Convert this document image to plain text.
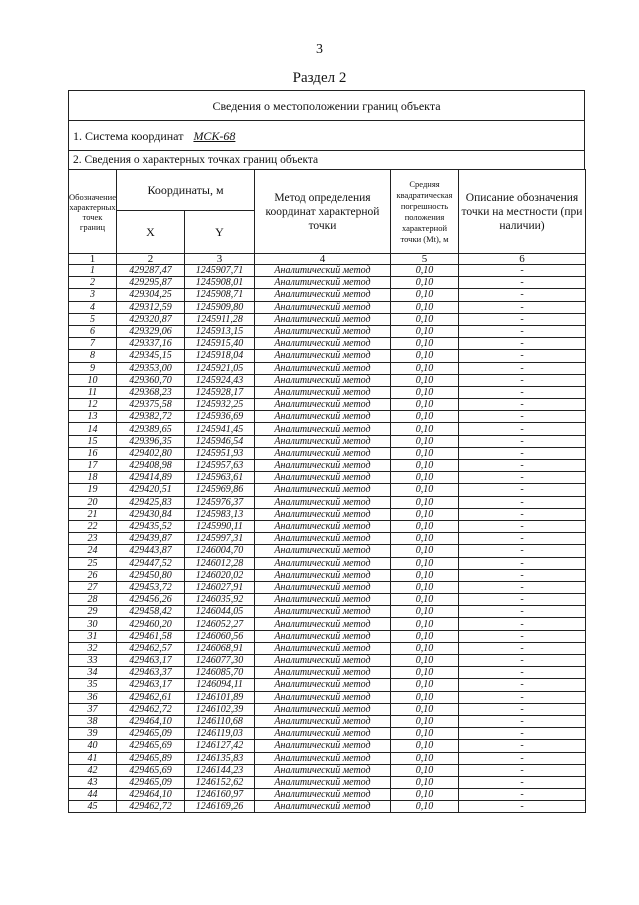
3
Раздел 2
Сведения о местоположении границ объекта
1. Система координат МСК-68
2. Сведения о характерных точках границ объекта
Обозначение характерных точек границ	Координаты, м		Метод определения координат характерной точки	Средняя квадратическая погрешность положения характерной точки (Mt), м	Описание обозначения точки на местности (при наличии)
	X	Y			
1	2	3	4	5	6
1	429287,47	1245907,71	Аналитический метод	0,10	-
2	429295,87	1245908,01	Аналитический метод	0,10	-
3	429304,25	1245908,71	Аналитический метод	0,10	-
4	429312,59	1245909,80	Аналитический метод	0,10	-
5	429320,87	1245911,28	Аналитический метод	0,10	-
6	429329,06	1245913,15	Аналитический метод	0,10	-
7	429337,16	1245915,40	Аналитический метод	0,10	-
8	429345,15	1245918,04	Аналитический метод	0,10	-
9	429353,00	1245921,05	Аналитический метод	0,10	-
10	429360,70	1245924,43	Аналитический метод	0,10	-
11	429368,23	1245928,17	Аналитический метод	0,10	-
12	429375,58	1245932,25	Аналитический метод	0,10	-
13	429382,72	1245936,69	Аналитический метод	0,10	-
14	429389,65	1245941,45	Аналитический метод	0,10	-
15	429396,35	1245946,54	Аналитический метод	0,10	-
16	429402,80	1245951,93	Аналитический метод	0,10	-
17	429408,98	1245957,63	Аналитический метод	0,10	-
18	429414,89	1245963,61	Аналитический метод	0,10	-
19	429420,51	1245969,86	Аналитический метод	0,10	-
20	429425,83	1245976,37	Аналитический метод	0,10	-
21	429430,84	1245983,13	Аналитический метод	0,10	-
22	429435,52	1245990,11	Аналитический метод	0,10	-
23	429439,87	1245997,31	Аналитический метод	0,10	-
24	429443,87	1246004,70	Аналитический метод	0,10	-
25	429447,52	1246012,28	Аналитический метод	0,10	-
26	429450,80	1246020,02	Аналитический метод	0,10	-
27	429453,72	1246027,91	Аналитический метод	0,10	-
28	429456,26	1246035,92	Аналитический метод	0,10	-
29	429458,42	1246044,05	Аналитический метод	0,10	-
30	429460,20	1246052,27	Аналитический метод	0,10	-
31	429461,58	1246060,56	Аналитический метод	0,10	-
32	429462,57	1246068,91	Аналитический метод	0,10	-
33	429463,17	1246077,30	Аналитический метод	0,10	-
34	429463,37	1246085,70	Аналитический метод	0,10	-
35	429463,17	1246094,11	Аналитический метод	0,10	-
36	429462,61	1246101,89	Аналитический метод	0,10	-
37	429462,72	1246102,39	Аналитический метод	0,10	-
38	429464,10	1246110,68	Аналитический метод	0,10	-
39	429465,09	1246119,03	Аналитический метод	0,10	-
40	429465,69	1246127,42	Аналитический метод	0,10	-
41	429465,89	1246135,83	Аналитический метод	0,10	-
42	429465,69	1246144,23	Аналитический метод	0,10	-
43	429465,09	1246152,62	Аналитический метод	0,10	-
44	429464,10	1246160,97	Аналитический метод	0,10	-
45	429462,72	1246169,26	Аналитический метод	0,10	-
